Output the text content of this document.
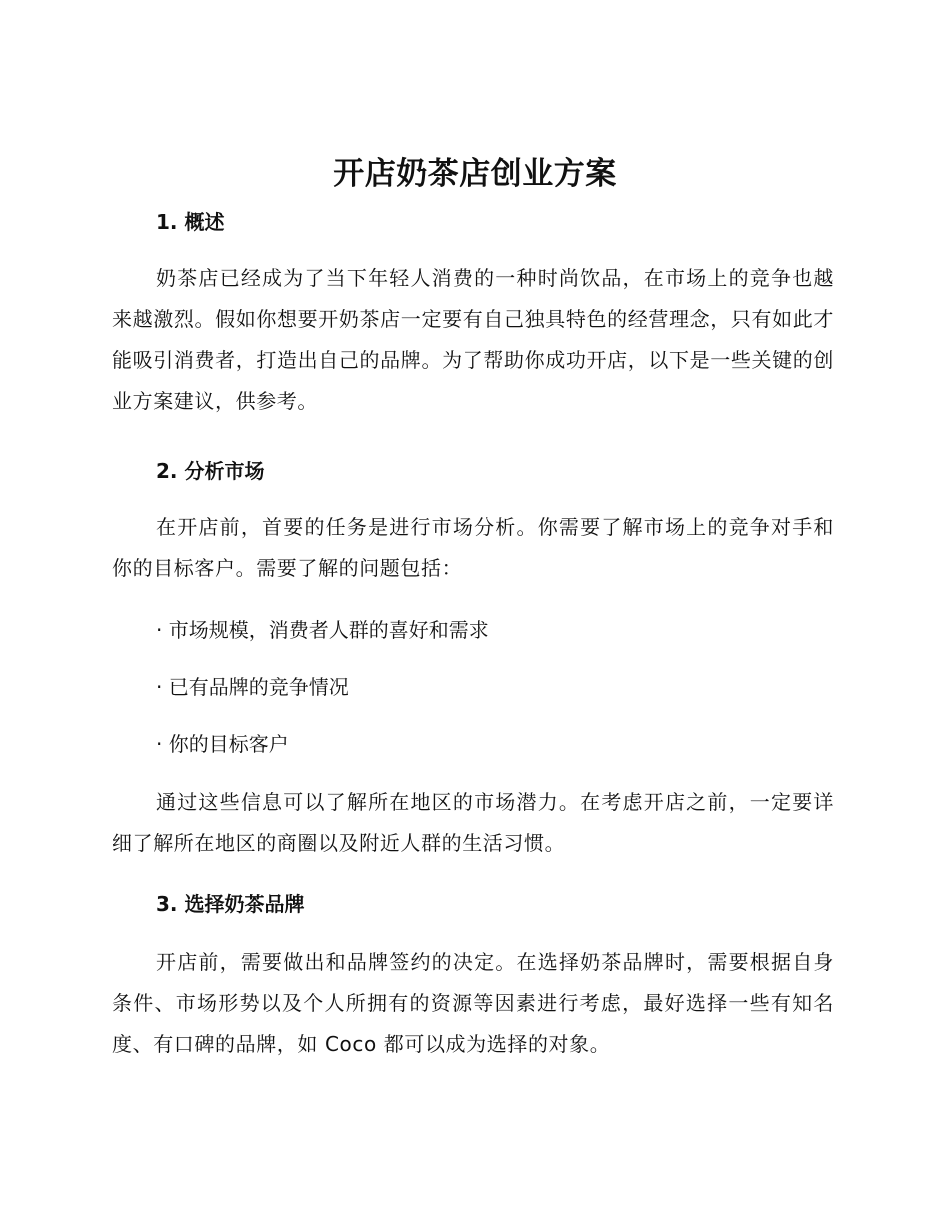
开店奶茶店创业方案
1. 概述

奶茶店已经成为了当下年轻人消费的一种时尚饮品，在市场上的竞争也越来越激烈。假如你想要开奶茶店一定要有自己独具特色的经营理念，只有如此才能吸引消费者，打造出自己的品牌。为了帮助你成功开店，以下是一些关键的创业方案建议，供参考。

2. 分析市场

在开店前，首要的任务是进行市场分析。你需要了解市场上的竞争对手和你的目标客户。需要了解的问题包括：

· 市场规模，消费者人群的喜好和需求
· 已有品牌的竞争情况
· 你的目标客户

通过这些信息可以了解所在地区的市场潜力。在考虑开店之前，一定要详细了解所在地区的商圈以及附近人群的生活习惯。

3. 选择奶茶品牌

开店前，需要做出和品牌签约的决定。在选择奶茶品牌时，需要根据自身条件、市场形势以及个人所拥有的资源等因素进行考虑，最好选择一些有知名度、有口碑的品牌，如 Coco 都可以成为选择的对象。
